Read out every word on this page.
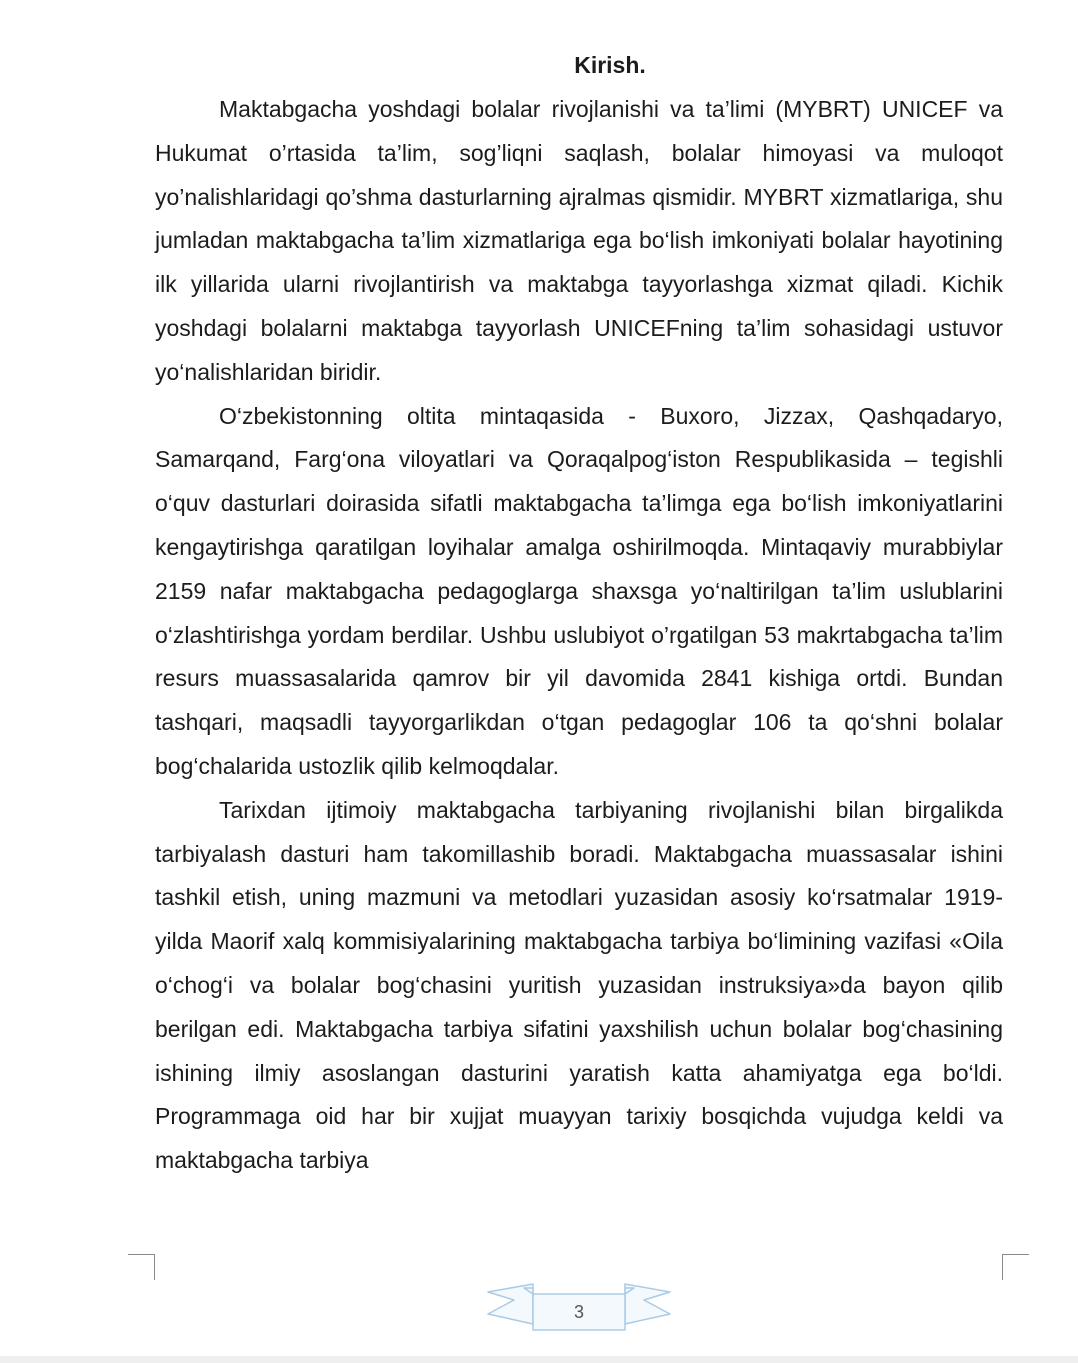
Kirish.

Maktabgacha yoshdagi bolalar rivojlanishi va ta’limi (MYBRT) UNICEF va Hukumat o’rtasida ta’lim, sog’liqni saqlash, bolalar himoyasi va muloqot yo’nalishlaridagi qo’shma dasturlarning ajralmas qismidir. MYBRT xizmatlariga, shu jumladan maktabgacha ta’lim xizmatlariga ega bo‘lish imkoniyati bolalar hayotining ilk yillarida ularni rivojlantirish va maktabga tayyorlashga xizmat qiladi. Kichik yoshdagi bolalarni maktabga tayyorlash UNICEFning ta’lim sohasidagi ustuvor yo‘nalishlaridan biridir.

O‘zbekistonning oltita mintaqasida - Buxoro, Jizzax, Qashqadaryo, Samarqand, Farg‘ona viloyatlari va Qoraqalpog‘iston Respublikasida – tegishli o‘quv dasturlari doirasida sifatli maktabgacha ta’limga ega bo‘lish imkoniyatlarini kengaytirishga qaratilgan loyihalar amalga oshirilmoqda. Mintaqaviy murabbiylar 2159 nafar maktabgacha pedagoglarga shaxsga yo‘naltirilgan ta’lim uslublarini o‘zlashtirishga yordam berdilar. Ushbu uslubiyot o’rgatilgan 53 makrtabgacha ta’lim resurs muassasalarida qamrov bir yil davomida 2841 kishiga ortdi. Bundan tashqari, maqsadli tayyorgarlikdan o‘tgan pedagoglar 106 ta qo‘shni bolalar bog‘chalarida ustozlik qilib kelmoqdalar.

Tarixdan ijtimoiy maktabgacha tarbiyaning rivojlanishi bilan birgalikda tarbiyalash dasturi ham takomillashib boradi. Maktabgacha muassasalar ishini tashkil etish, uning mazmuni va metodlari yuzasidan asosiy ko‘rsatmalar 1919- yilda Maorif xalq kommisiyalarining maktabgacha tarbiya bo‘limining vazifasi «Oila o‘chog‘i va bolalar bog‘chasini yuritish yuzasidan instruksiya»da bayon qilib berilgan edi. Maktabgacha tarbiya sifatini yaxshilish uchun bolalar bog‘chasining ishining ilmiy asoslangan dasturini yaratish katta ahamiyatga ega bo‘ldi. Programmaga oid har bir xujjat muayyan tarixiy bosqichda vujudga keldi va maktabgacha tarbiya

3
